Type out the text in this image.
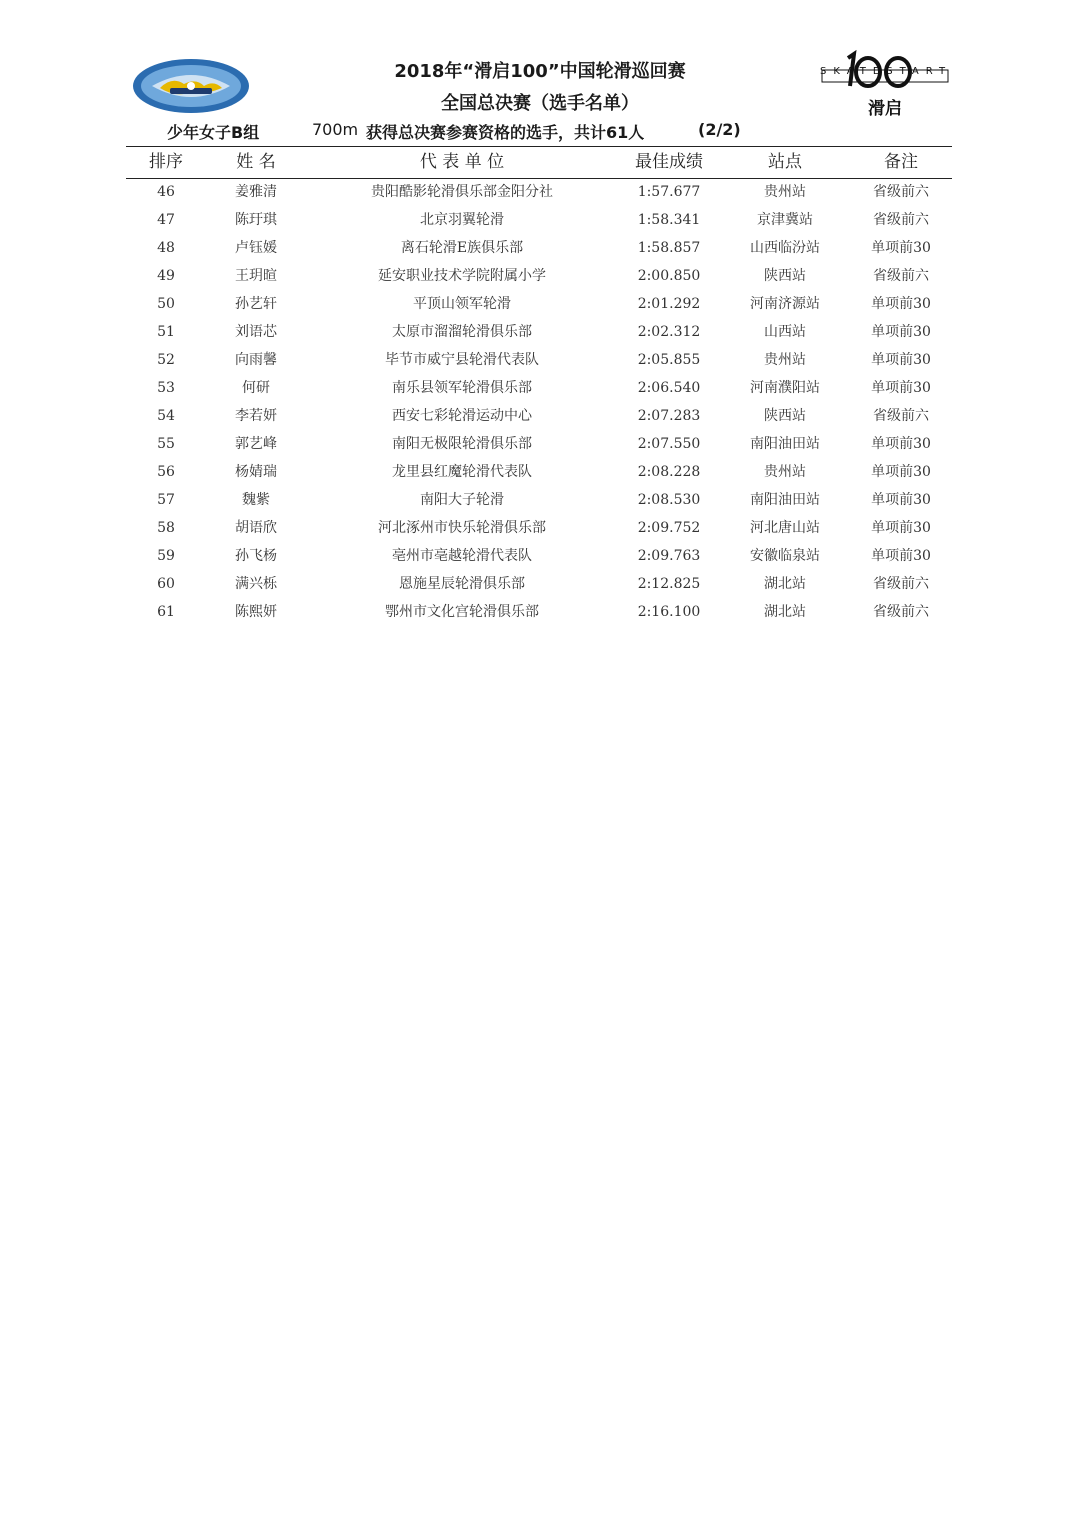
2018年“滑启100”中国轮滑巡回赛
全国总决赛（选手名单）
SKATESTART
滑启
少年女子B组	700m 获得总决赛参赛资格的选手，共计61人	(2/2)
排序	姓 名	代 表 单 位	最佳成绩	站点	备注
46	姜雅清	贵阳酷影轮滑俱乐部金阳分社	1:57.677	贵州站	省级前六
47	陈玗琪	北京羽翼轮滑	1:58.341	京津冀站	省级前六
48	卢钰媛	离石轮滑E族俱乐部	1:58.857	山西临汾站	单项前30
49	王玥暄	延安职业技术学院附属小学	2:00.850	陕西站	省级前六
50	孙艺轩	平顶山领军轮滑	2:01.292	河南济源站	单项前30
51	刘语芯	太原市溜溜轮滑俱乐部	2:02.312	山西站	单项前30
52	向雨馨	毕节市威宁县轮滑代表队	2:05.855	贵州站	单项前30
53	何研	南乐县领军轮滑俱乐部	2:06.540	河南濮阳站	单项前30
54	李若妍	西安七彩轮滑运动中心	2:07.283	陕西站	省级前六
55	郭艺峰	南阳无极限轮滑俱乐部	2:07.550	南阳油田站	单项前30
56	杨婧瑞	龙里县红魔轮滑代表队	2:08.228	贵州站	单项前30
57	魏紫	南阳大子轮滑	2:08.530	南阳油田站	单项前30
58	胡语欣	河北涿州市快乐轮滑俱乐部	2:09.752	河北唐山站	单项前30
59	孙飞杨	亳州市亳越轮滑代表队	2:09.763	安徽临泉站	单项前30
60	满兴栎	恩施星辰轮滑俱乐部	2:12.825	湖北站	省级前六
61	陈熙妍	鄂州市文化宫轮滑俱乐部	2:16.100	湖北站	省级前六
